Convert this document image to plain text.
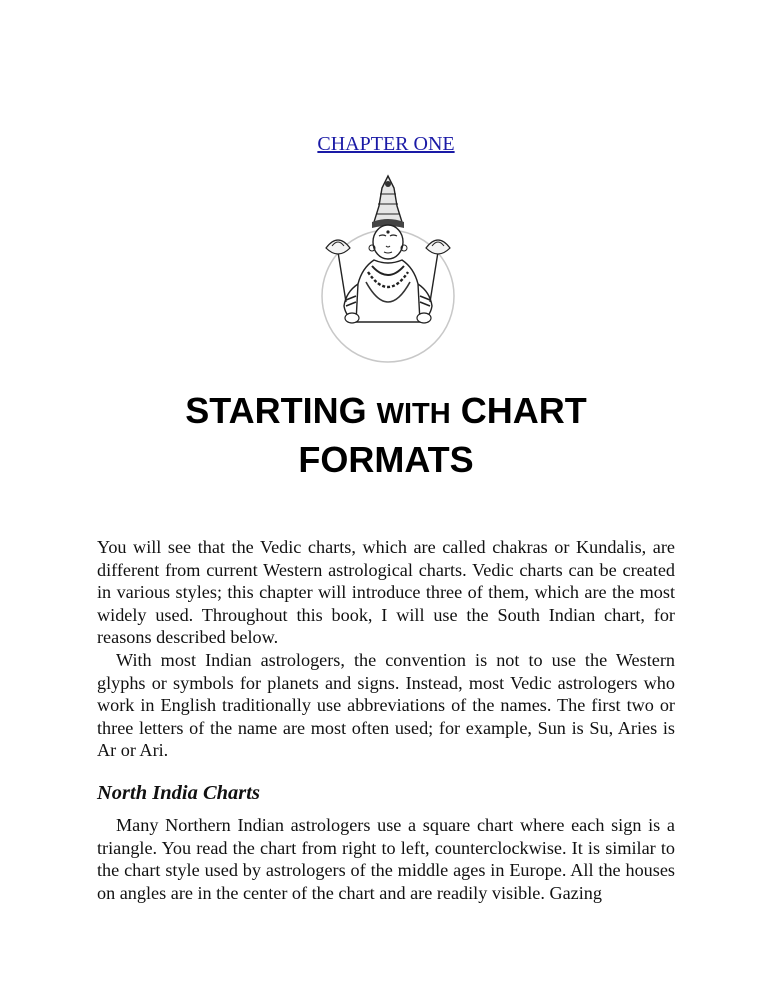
CHAPTER ONE
STARTING WITH CHART
FORMATS

You will see that the Vedic charts, which are called chakras or Kundalis, are different from current Western astrological charts. Vedic charts can be created in various styles; this chapter will introduce three of them, which are the most widely used. Throughout this book, I will use the South Indian chart, for reasons described below.

With most Indian astrologers, the convention is not to use the Western glyphs or symbols for planets and signs. Instead, most Vedic astrologers who work in English traditionally use abbreviations of the names. The first two or three letters of the name are most often used; for example, Sun is Su, Aries is Ar or Ari.

North India Charts

Many Northern Indian astrologers use a square chart where each sign is a triangle. You read the chart from right to left, counterclockwise. It is similar to the chart style used by astrologers of the middle ages in Europe. All the houses on angles are in the center of the chart and are readily visible. Gazing
